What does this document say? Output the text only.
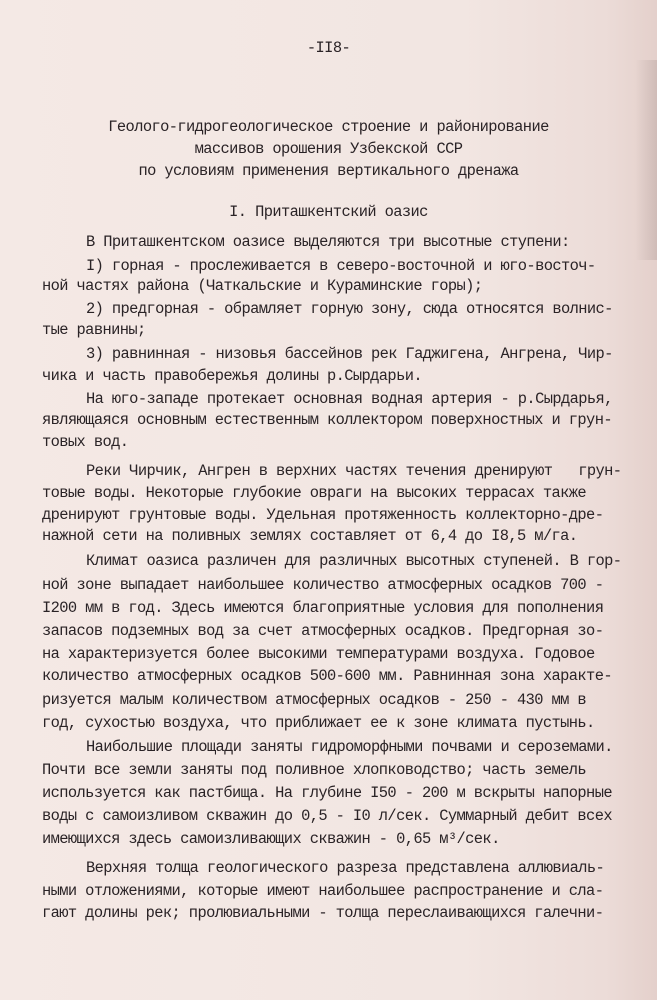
-II8-

Геолого-гидрогеологическое строение и районирование

массивов орошения Узбекской ССР

по условиям применения вертикального дренажа

I. Приташкентский оазис

В Приташкентском оазисе выделяются три высотные ступени:

I) горная - прослеживается в северо-восточной и юго-восточ-

ной частях района (Чаткальские и Кураминские горы);

2) предгорная - обрамляет горную зону, сюда относятся волнис-

тые равнины;

3) равнинная - низовья бассейнов рек Гаджигена, Ангрена, Чир-

чика и часть правобережья долины р.Сырдарьи.

На юго-западе протекает основная водная артерия - р.Сырдарья,

являющаяся основным естественным коллектором поверхностных и грун-

товых вод.

Реки Чирчик, Ангрен в верхних частях течения дренируют   грун-

товые воды. Некоторые глубокие овраги на высоких террасах также

дренируют грунтовые воды. Удельная протяженность коллекторно-дре-

нажной сети на поливных землях составляет от 6,4 до I8,5 м/га.

Климат оазиса различен для различных высотных ступеней. В гор-

ной зоне выпадает наибольшее количество атмосферных осадков 700 -

I200 мм в год. Здесь имеются благоприятные условия для пополнения

запасов подземных вод за счет атмосферных осадков. Предгорная зо-

на характеризуется более высокими температурами воздуха. Годовое

количество атмосферных осадков 500-600 мм. Равнинная зона характе-

ризуется малым количеством атмосферных осадков - 250 - 430 мм в

год, сухостью воздуха, что приближает ее к зоне климата пустынь.

Наибольшие площади заняты гидроморфными почвами и сероземами.

Почти все земли заняты под поливное хлопководство; часть земель

используется как пастбища. На глубине I50 - 200 м вскрыты напорные

воды с самоизливом скважин до 0,5 - I0 л/сек. Суммарный дебит всех

имеющихся здесь самоизливающих скважин - 0,65 м³/сек.

Верхняя толща геологического разреза представлена аллювиаль-

ными отложениями, которые имеют наибольшее распространение и сла-

гают долины рек; пролювиальными - толща переслаивающихся галечни-
